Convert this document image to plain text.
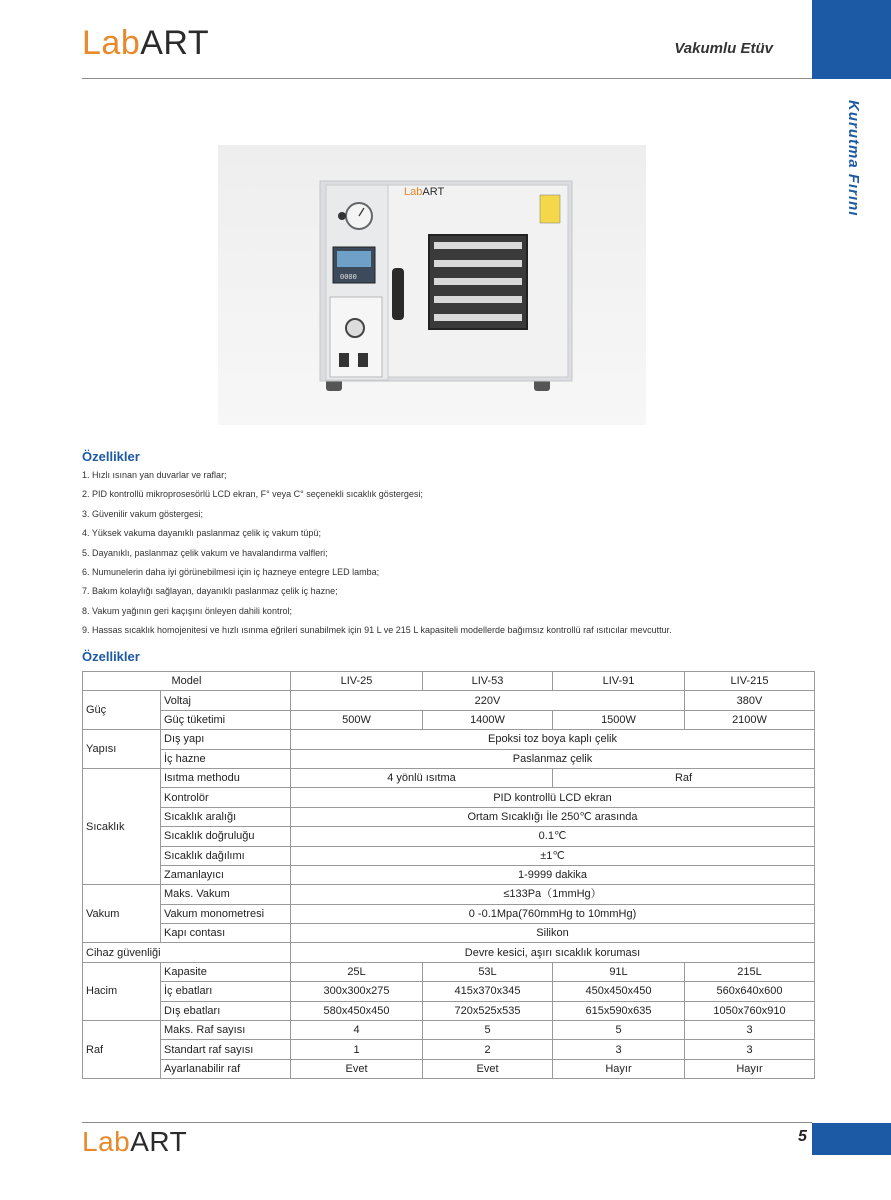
LabART	Vakumlu Etüv
Kurutma Fırını
0000
LabART
Özellikler
1. Hızlı ısınan yan duvarlar ve raflar;
2. PID kontrollü mikroprosesörlü LCD ekran, F° veya C° seçenekli sıcaklık göstergesi;
3. Güvenilir vakum göstergesi;
4. Yüksek vakuma dayanıklı paslanmaz çelik iç vakum tüpü;
5. Dayanıklı, paslanmaz çelik vakum ve havalandırma valfleri;
6. Numunelerin daha iyi görünebilmesi için iç hazneye entegre LED lamba;
7. Bakım kolaylığı sağlayan, dayanıklı paslanmaz çelik iç hazne;
8. Vakum yağının geri kaçışını önleyen dahili kontrol;
9. Hassas sıcaklık homojenitesi ve hızlı ısınma eğrileri sunabilmek için 91 L ve 215 L kapasiteli modellerde bağımsız kontrollü raf ısıtıcılar mevcuttur.
Özellikler
Model		LIV-25	LIV-53	LIV-91	LIV-215
Güç	Voltaj	220V			380V
	Güç tüketimi	500W	1400W	1500W	2100W
Yapısı	Dış yapı	Epoksi toz boya kaplı çelik			
	İç hazne	Paslanmaz çelik			
Sıcaklık	Isıtma methodu	4 yönlü ısıtma		Raf	
	Kontrolör	PID kontrollü LCD ekran			
	Sıcaklık aralığı	Ortam Sıcaklığı İle 250℃ arasında			
	Sıcaklık doğruluğu	0.1℃			
	Sıcaklık dağılımı	±1℃			
	Zamanlayıcı	1-9999 dakika			
Vakum	Maks. Vakum	≤133Pa（1mmHg）			
	Vakum monometresi	0 -0.1Mpa(760mmHg to 10mmHg)			
	Kapı contası	Silikon			
Cihaz güvenliği		Devre kesici, aşırı sıcaklık koruması			
Hacim	Kapasite	25L	53L	91L	215L
	İç ebatları	300x300x275	415x370x345	450x450x450	560x640x600
	Dış ebatları	580x450x450	720x525x535	615x590x635	1050x760x910
Raf	Maks. Raf sayısı	4	5	5	3
	Standart raf sayısı	1	2	3	3
	Ayarlanabilir raf	Evet	Evet	Hayır	Hayır
LabART	5
